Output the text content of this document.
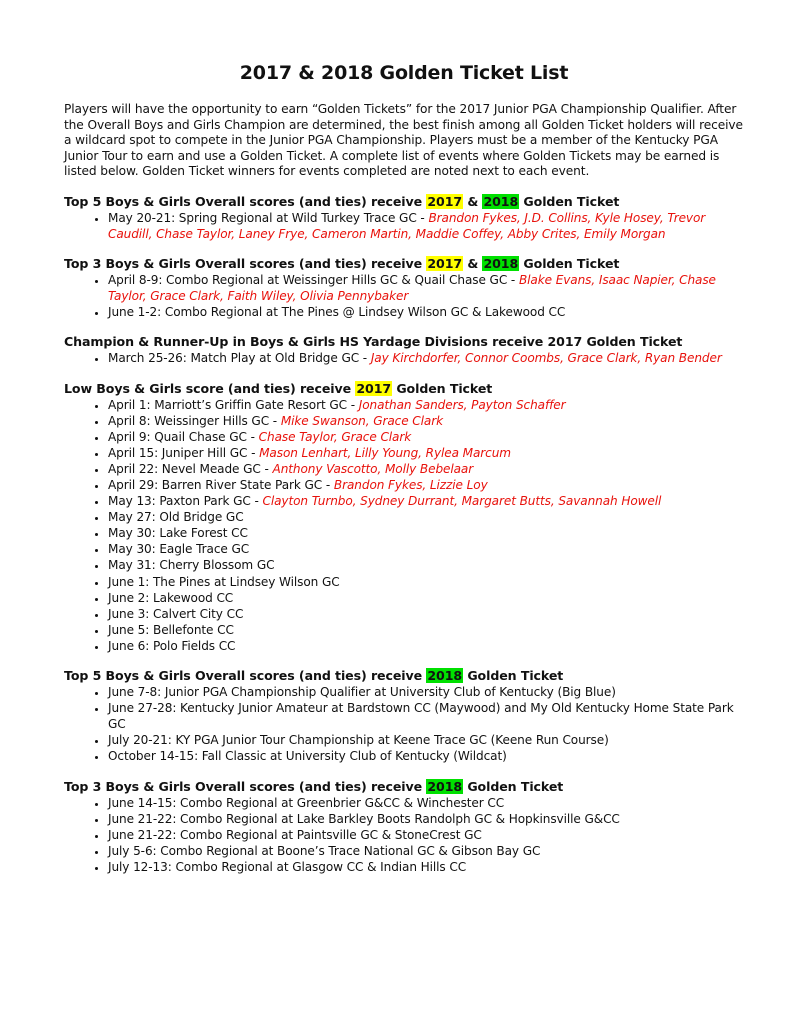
2017 & 2018 Golden Ticket List

Players will have the opportunity to earn “Golden Tickets” for the 2017 Junior PGA Championship Qualifier. After the Overall Boys and Girls Champion are determined, the best finish among all Golden Ticket holders will receive a wildcard spot to compete in the Junior PGA Championship. Players must be a member of the Kentucky PGA Junior Tour to earn and use a Golden Ticket. A complete list of events where Golden Tickets may be earned is listed below. Golden Ticket winners for events completed are noted next to each event.

Top 5 Boys & Girls Overall scores (and ties) receive 2017 & 2018 Golden Ticket

• May 20-21: Spring Regional at Wild Turkey Trace GC - Brandon Fykes, J.D. Collins, Kyle Hosey, Trevor Caudill, Chase Taylor, Laney Frye, Cameron Martin, Maddie Coffey, Abby Crites, Emily Morgan

Top 3 Boys & Girls Overall scores (and ties) receive 2017 & 2018 Golden Ticket

• April 8-9: Combo Regional at Weissinger Hills GC & Quail Chase GC - Blake Evans, Isaac Napier, Chase Taylor, Grace Clark, Faith Wiley, Olivia Pennybaker
• June 1-2: Combo Regional at The Pines @ Lindsey Wilson GC & Lakewood CC

Champion & Runner-Up in Boys & Girls HS Yardage Divisions receive 2017 Golden Ticket

• March 25-26: Match Play at Old Bridge GC - Jay Kirchdorfer, Connor Coombs, Grace Clark, Ryan Bender

Low Boys & Girls score (and ties) receive 2017 Golden Ticket

• April 1: Marriott’s Griffin Gate Resort GC - Jonathan Sanders, Payton Schaffer
• April 8: Weissinger Hills GC - Mike Swanson, Grace Clark
• April 9: Quail Chase GC - Chase Taylor, Grace Clark
• April 15: Juniper Hill GC - Mason Lenhart, Lilly Young, Rylea Marcum
• April 22: Nevel Meade GC - Anthony Vascotto, Molly Bebelaar
• April 29: Barren River State Park GC - Brandon Fykes, Lizzie Loy
• May 13: Paxton Park GC - Clayton Turnbo, Sydney Durrant, Margaret Butts, Savannah Howell
• May 27: Old Bridge GC
• May 30: Lake Forest CC
• May 30: Eagle Trace GC
• May 31: Cherry Blossom GC
• June 1: The Pines at Lindsey Wilson GC
• June 2: Lakewood CC
• June 3: Calvert City CC
• June 5: Bellefonte CC
• June 6: Polo Fields CC

Top 5 Boys & Girls Overall scores (and ties) receive 2018 Golden Ticket

• June 7-8: Junior PGA Championship Qualifier at University Club of Kentucky (Big Blue)
• June 27-28: Kentucky Junior Amateur at Bardstown CC (Maywood) and My Old Kentucky Home State Park GC
• July 20-21: KY PGA Junior Tour Championship at Keene Trace GC (Keene Run Course)
• October 14-15: Fall Classic at University Club of Kentucky (Wildcat)

Top 3 Boys & Girls Overall scores (and ties) receive 2018 Golden Ticket

• June 14-15: Combo Regional at Greenbrier G&CC & Winchester CC
• June 21-22: Combo Regional at Lake Barkley Boots Randolph GC & Hopkinsville G&CC
• June 21-22: Combo Regional at Paintsville GC & StoneCrest GC
• July 5-6: Combo Regional at Boone’s Trace National GC & Gibson Bay GC
• July 12-13: Combo Regional at Glasgow CC & Indian Hills CC
